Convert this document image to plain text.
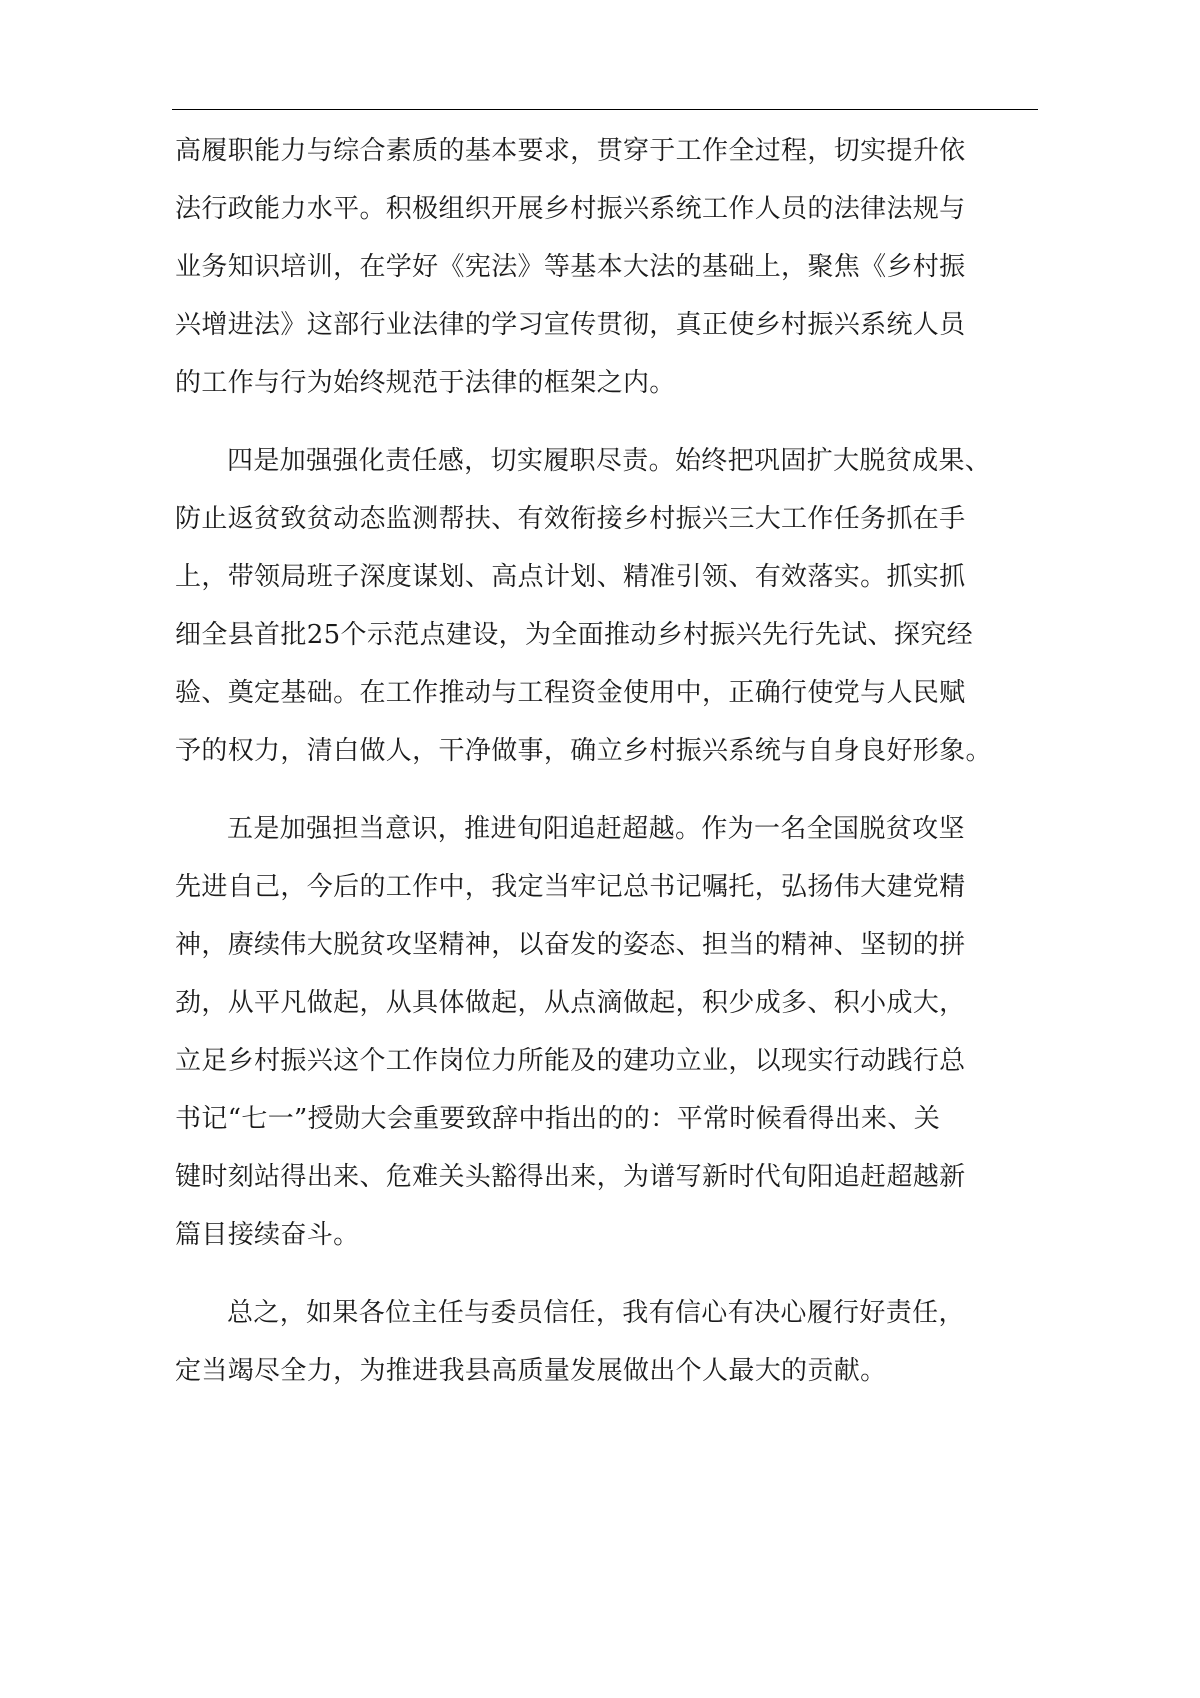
高履职能力与综合素质的基本要求，贯穿于工作全过程，切实提升依
法行政能力水平。积极组织开展乡村振兴系统工作人员的法律法规与
业务知识培训，在学好《宪法》等基本大法的基础上，聚焦《乡村振
兴增进法》这部行业法律的学习宣传贯彻，真正使乡村振兴系统人员
的工作与行为始终规范于法律的框架之内。
四是加强强化责任感，切实履职尽责。始终把巩固扩大脱贫成果、
防止返贫致贫动态监测帮扶、有效衔接乡村振兴三大工作任务抓在手
上，带领局班子深度谋划、高点计划、精准引领、有效落实。抓实抓
细全县首批25个示范点建设，为全面推动乡村振兴先行先试、探究经
验、奠定基础。在工作推动与工程资金使用中，正确行使党与人民赋
予的权力，清白做人，干净做事，确立乡村振兴系统与自身良好形象。
五是加强担当意识，推进旬阳追赶超越。作为一名全国脱贫攻坚
先进自己，今后的工作中，我定当牢记总书记嘱托，弘扬伟大建党精
神，赓续伟大脱贫攻坚精神，以奋发的姿态、担当的精神、坚韧的拼
劲，从平凡做起，从具体做起，从点滴做起，积少成多、积小成大，
立足乡村振兴这个工作岗位力所能及的建功立业，以现实行动践行总
书记“七一”授勋大会重要致辞中指出的的：平常时候看得出来、关
键时刻站得出来、危难关头豁得出来，为谱写新时代旬阳追赶超越新
篇目接续奋斗。
总之，如果各位主任与委员信任，我有信心有决心履行好责任，
定当竭尽全力，为推进我县高质量发展做出个人最大的贡献。
